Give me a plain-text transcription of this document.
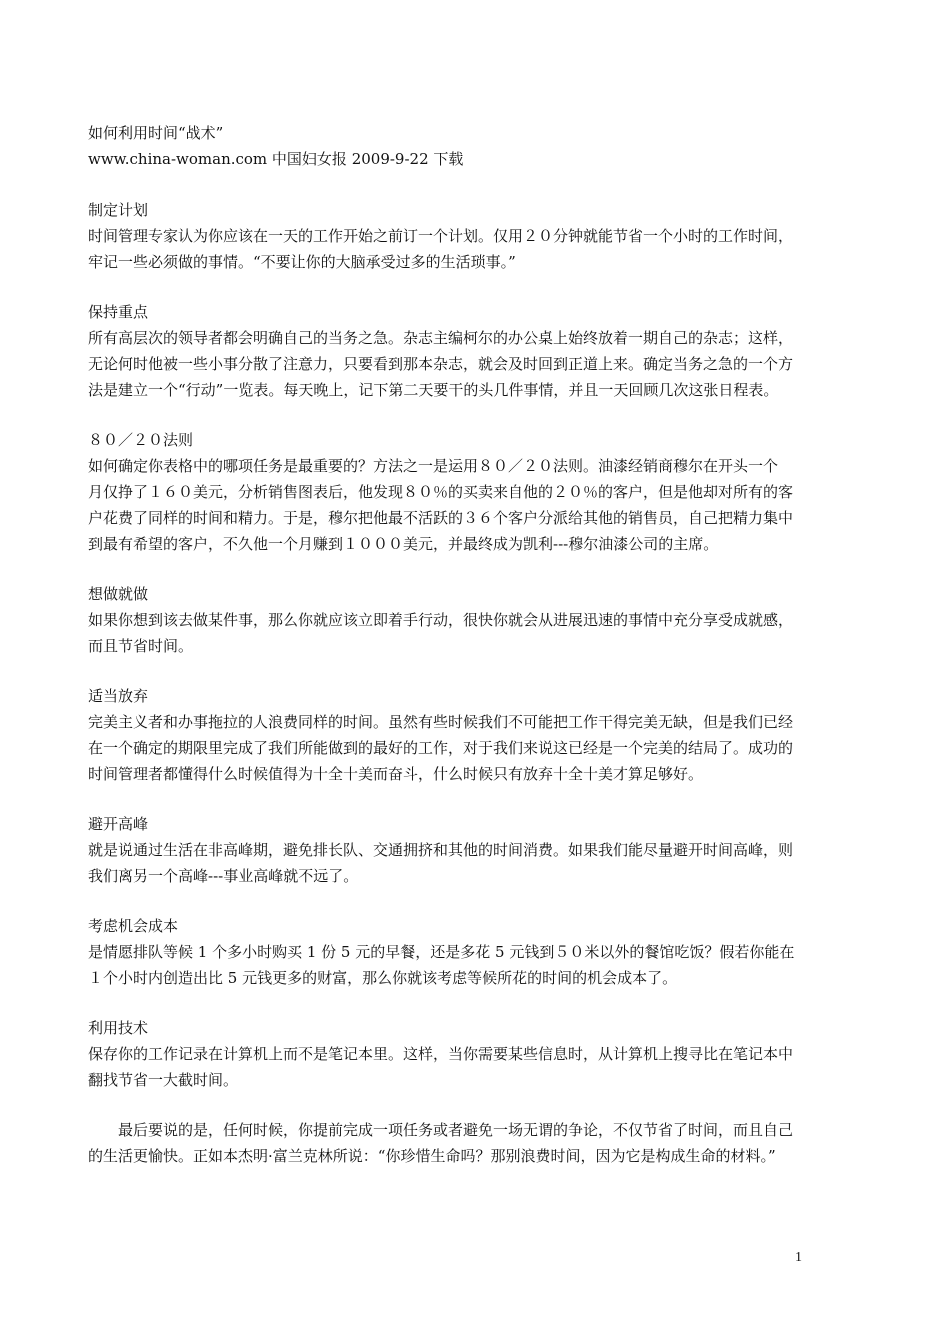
如何利用时间“战术”
www.china-woman.com 中国妇女报 2009-9-22 下载
制定计划
时间管理专家认为你应该在一天的工作开始之前订一个计划。仅用２０分钟就能节省一个小时的工作时间，
牢记一些必须做的事情。“不要让你的大脑承受过多的生活琐事。”
保持重点
所有高层次的领导者都会明确自己的当务之急。杂志主编柯尔的办公桌上始终放着一期自己的杂志；这样，
无论何时他被一些小事分散了注意力，只要看到那本杂志，就会及时回到正道上来。确定当务之急的一个方
法是建立一个“行动”一览表。每天晚上，记下第二天要干的头几件事情，并且一天回顾几次这张日程表。
８０／２０法则
如何确定你表格中的哪项任务是最重要的？方法之一是运用８０／２０法则。油漆经销商穆尔在开头一个
月仅挣了１６０美元，分析销售图表后，他发现８０％的买卖来自他的２０％的客户，但是他却对所有的客
户花费了同样的时间和精力。于是，穆尔把他最不活跃的３６个客户分派给其他的销售员，自己把精力集中
到最有希望的客户，不久他一个月赚到１０００美元，并最终成为凯利---穆尔油漆公司的主席。
想做就做
如果你想到该去做某件事，那么你就应该立即着手行动，很快你就会从进展迅速的事情中充分享受成就感，
而且节省时间。
适当放弃
完美主义者和办事拖拉的人浪费同样的时间。虽然有些时候我们不可能把工作干得完美无缺，但是我们已经
在一个确定的期限里完成了我们所能做到的最好的工作，对于我们来说这已经是一个完美的结局了。成功的
时间管理者都懂得什么时候值得为十全十美而奋斗，什么时候只有放弃十全十美才算足够好。
避开高峰
就是说通过生活在非高峰期，避免排长队、交通拥挤和其他的时间消费。如果我们能尽量避开时间高峰，则
我们离另一个高峰---事业高峰就不远了。
考虑机会成本
是情愿排队等候 1 个多小时购买 1 份 5 元的早餐，还是多花 5 元钱到５０米以外的餐馆吃饭？假若你能在
１个小时内创造出比 5 元钱更多的财富，那么你就该考虑等候所花的时间的机会成本了。
利用技术
保存你的工作记录在计算机上而不是笔记本里。这样，当你需要某些信息时，从计算机上搜寻比在笔记本中
翻找节省一大截时间。
最后要说的是，任何时候，你提前完成一项任务或者避免一场无谓的争论，不仅节省了时间，而且自己
的生活更愉快。正如本杰明·富兰克林所说：“你珍惜生命吗？那别浪费时间，因为它是构成生命的材料。”
1
